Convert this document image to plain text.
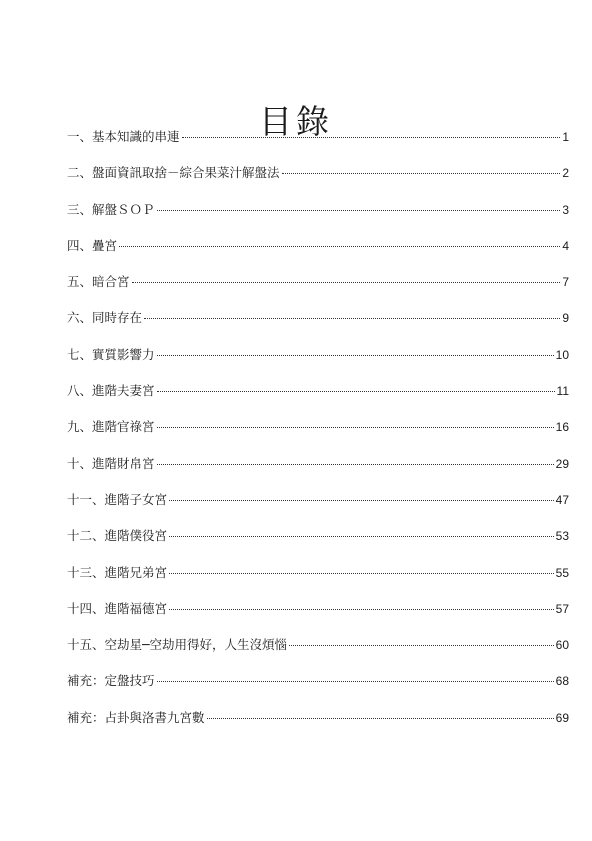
目錄
一、基本知識的串連	1
二、盤面資訊取捨－綜合果菜汁解盤法	2
三、解盤ＳＯＰ	3
四、疊宮	4
五、暗合宮	7
六、同時存在	9
七、實質影響力	10
八、進階夫妻宮	11
九、進階官祿宮	16
十、進階財帛宮	29
十一、進階子女宮	47
十二、進階僕役宮	53
十三、進階兄弟宮	55
十四、進階福德宮	57
十五、空劫星─空劫用得好，人生沒煩惱	60
補充：定盤技巧	68
補充：占卦與洛書九宮數	69
